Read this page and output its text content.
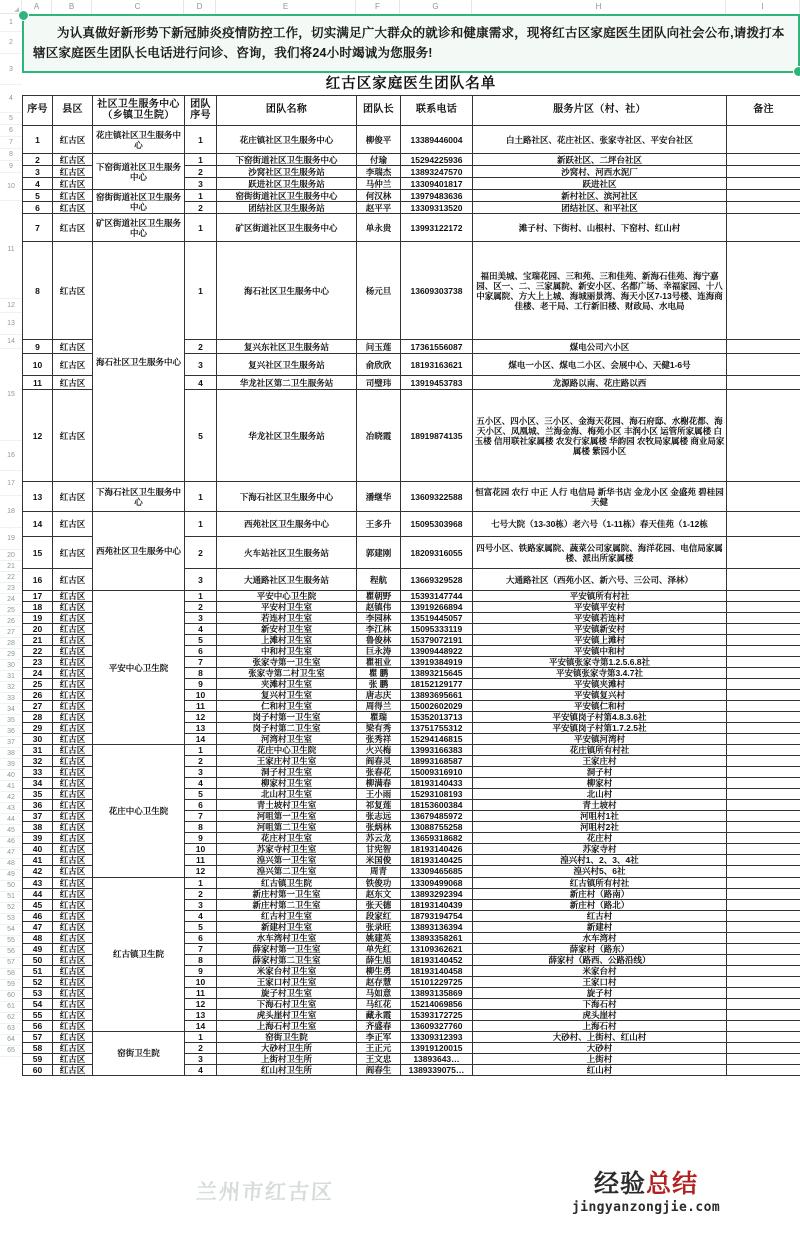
A	B	C	D	E	F	G	H	I
1
2
3
4
5
6
7
8
9
10
11
12
13
14
15
16
17
18
19
20
21
22
23
24
25
26
27
28
29
30
31
32
33
34
35
36
37
38
39
40
41
42
43
44
45
46
47
48
49
50
51
52
53
54
55
56
57
58
59
60
61
62
63
64
65
为认真做好新形势下新冠肺炎疫情防控工作，切实满足广大群众的就诊和健康需求，现将红古区家庭医生团队向社会公布,请拨打本辖区家庭医生团队长电话进行问诊、咨询，我们将24小时竭诚为您服务!
红古区家庭医生团队名单
序号	县区	社区卫生服务中心（乡镇卫生院）	团队序号	团队名称	团队长	联系电话	服务片区（村、社）	备注
1	红古区	花庄镇社区卫生服务中心	1	花庄镇社区卫生服务中心	柳俊平	13389446004	白土路社区、花庄社区、张家寺社区、平安台社区	
2	红古区	下窑街道社区卫生服务中心	1	下窑街道社区卫生服务中心	付瑜	15294225936	新跃社区、二坪台社区	
3	红古区		2	沙窝社区卫生服务站	李瑞杰	13893247570	沙窝村、河西水泥厂	
4	红古区		3	跃进社区卫生服务站	马仲兰	13309401817	跃进社区	
5	红古区	窑街街道社区卫生服务中心	1	窑街街道社区卫生服务中心	何汉林	13979483636	新村社区、滨河社区	
6	红古区		2	团结社区卫生服务站	赵平平	13309313520	团结社区、和平社区	
7	红古区	矿区街道社区卫生服务中心	1	矿区街道社区卫生服务中心	单永贵	13993122172	滩子村、下街村、山根村、下窑村、红山村	
8	红古区	海石社区卫生服务中心	1	海石社区卫生服务中心	杨元旦	13609303738	福田美城、宝瑞花园、三和苑、三和佳苑、新海石佳苑、海宁嘉园、区一、二、三家属院、新安小区、名都广场、幸福家园、十八中家属院、方大上上城、海城丽景湾、海天小区7-13号楼、连海商佳楼、老干局、工行新旧楼、财政局、水电局	
9	红古区		2	复兴东社区卫生服务站	问玉莲	17361556087	煤电公司六小区	
10	红古区		3	复兴社区卫生服务站	俞欣欣	18193163621	煤电一小区、煤电二小区、会展中心、天健1-6号	
11	红古区		4	华龙社区第二卫生服务站	司璧玮	13919453783	龙源路以南、花庄路以西	
12	红古区		5	华龙社区卫生服务站	冶晓霞	18919874135	五小区、四小区、三小区、金海天花园、海石府邸、水榭花都、海天小区、凤凰城、兰海金海、梅苑小区 丰润小区 运管所家属楼 白玉楼 信用联社家属楼 农发行家属楼 华韵园 农牧局家属楼 商业局家属楼 紫园小区	
13	红古区	下海石社区卫生服务中心	1	下海石社区卫生服务中心	潘继华	13609322588	恒富花园 农行 中正 人行 电信局 新华书店 金龙小区 金盛苑 碧桂园 天健	
14	红古区	西苑社区卫生服务中心	1	西苑社区卫生服务中心	王多升	15095303968	七号大院（13-30栋）老六号（1-11栋）春天佳苑（1-12栋	
15	红古区		2	火车站社区卫生服务站	郭建刚	18209316055	四号小区、铁路家属院、蔬菜公司家属院、海洋花园、电信局家属楼、派出所家属楼	
16	红古区		3	大通路社区卫生服务站	程航	13669329528	大通路社区（西苑小区、新六号、三公司、泽林）	
17	红古区	平安中心卫生院	1	平安中心卫生院	瞿朝野	15393147744	平安镇所有村社	
18	红古区		2	平安村卫生室	赵镇伟	13919266894	平安镇平安村	
19	红古区		3	若连村卫生室	李园林	13519445057	平安镇若连村	
20	红古区		4	新安村卫生室	李江林	15095333119	平安镇新安村	
21	红古区		5	上滩村卫生室	鲁俊林	15379072191	平安镇上滩村	
22	红古区		6	中和村卫生室	巨永涛	13909448922	平安镇中和村	
23	红古区		7	张家寺第一卫生室	瞿祖业	13919384919	平安镇张家寺第1.2.5.6.8社	
24	红古区		8	张家寺第二村卫生室	瞿 鹏	13893215645	平安镇张家寺第3.4.7社	
25	红古区		9	夹滩村卫生室	张 鹏	18152129177	平安镇夹滩村	
26	红古区		10	复兴村卫生室	唐志庆	13893695661	平安镇复兴村	
27	红古区		11	仁和村卫生室	周得兰	15002602029	平安镇仁和村	
28	红古区		12	岗子村第一卫生室	瞿瑞	15352013713	平安镇岗子村第4.8.3.6社	
29	红古区		13	岗子村第二卫生室	梁有秀	13751755312	平安镇岗子村第1.7.2.5社	
30	红古区		14	河湾村卫生室	张秀祥	15294146815	平安镇河湾村	
31	红古区	花庄中心卫生院	1	花庄中心卫生院	火兴梅	13993166383	花庄镇所有村社	
32	红古区		2	王家庄村卫生室	阎春灵	18993168587	王家庄村	
33	红古区		3	洞子村卫生室	张春花	15009316910	洞子村	
34	红古区		4	柳家村卫生室	柳满春	18193140433	柳家村	
35	红古区		5	北山村卫生室	王小雨	15293108193	北山村	
36	红古区		6	青土坡村卫生室	祁复莲	18153600384	青土坡村	
37	红古区		7	河咀第一卫生室	张志远	13679485972	河咀村1社	
38	红古区		8	河咀第二卫生室	张炳林	13088755258	河咀村2社	
39	红古区		9	花庄村卫生室	苏云龙	13659318682	花庄村	
40	红古区		10	苏家寺村卫生室	甘宪智	18193140426	苏家寺村	
41	红古区		11	湟兴第一卫生室	米国俊	18193140425	湟兴村1、2、3、4社	
42	红古区		12	湟兴第二卫生室	周青	13309465685	湟兴村5、6社	
43	红古区	红古镇卫生院	1	红古镇卫生院	铁俊功	13309499068	红古镇所有村社	
44	红古区		2	新庄村第一卫生室	赵东文	13893292394	新庄村（路南）	
45	红古区		3	新庄村第二卫生室	张天德	18193140439	新庄村（路北）	
46	红古区		4	红古村卫生室	段家红	18793194754	红古村	
47	红古区		5	新建村卫生室	张录旺	13893136394	新建村	
48	红古区		6	水车湾村卫生室	姚建英	13893358261	水车湾村	
49	红古区		7	薛家村第一卫生室	单先红	13109362621	薛家村（路东）	
50	红古区		8	薛家村第二卫生室	薛生旭	18193140452	薛家村（路西、公路沿线）	
51	红古区		9	米家台村卫生室	柳生勇	18193140458	米家台村	
52	红古区		10	王家口村卫生室	赵存慧	15101229725	王家口村	
53	红古区		11	旋子村卫生室	马如意	13893135869	旋子村	
54	红古区		12	下海石村卫生室	马红花	15214069856	下海石村	
55	红古区		13	虎头崖村卫生室	藏永霞	15393172725	虎头崖村	
56	红古区		14	上海石村卫生室	齐盛春	13609327760	上海石村	
57	红古区	窑街卫生院	1	窑街卫生院	李正军	13309312393	大砂村、上街村、红山村	
58	红古区		2	大砂村卫生所	王正元	13919120015	大砂村	
59	红古区		3	上街村卫生所	王文忠	13893643…	上街村	
60	红古区		4	红山村卫生所	阎春生	1389339075…	红山村	
兰州市红古区	经验总结
jingyanzongjie.com
